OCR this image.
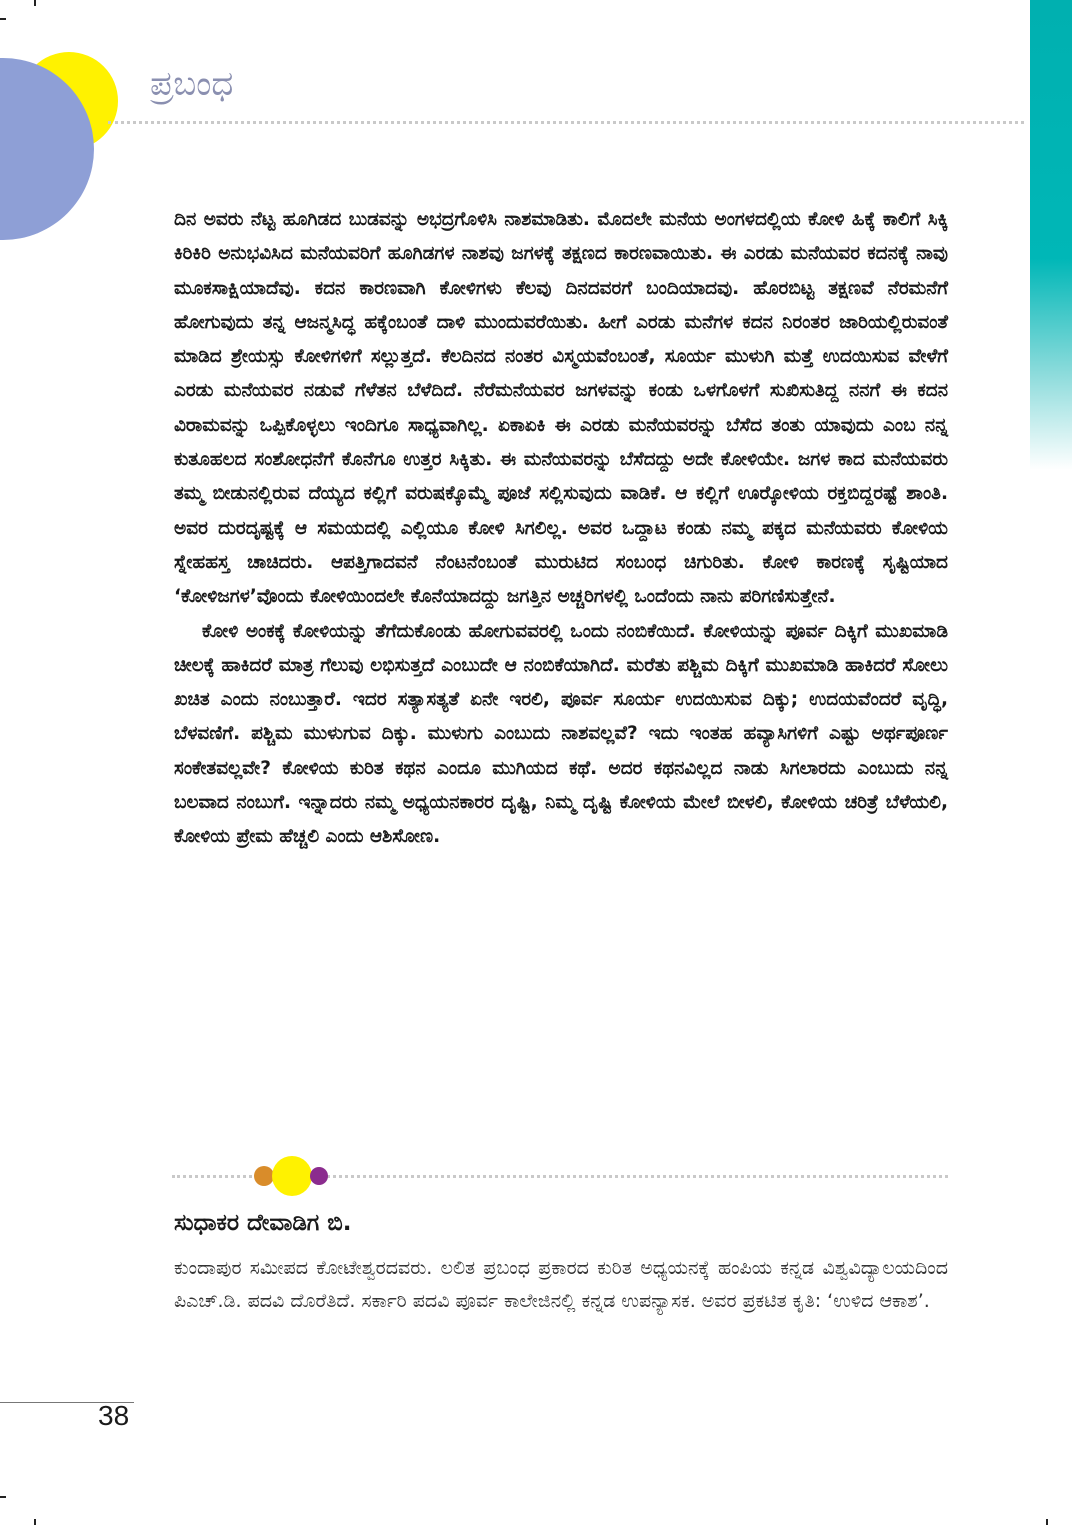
ಪ್ರಬಂಧ

ದಿನ ಅವರು ನೆಟ್ಟ ಹೂಗಿಡದ ಬುಡವನ್ನು ಅಭದ್ರಗೊಳಿಸಿ ನಾಶಮಾಡಿತು. ಮೊದಲೇ ಮನೆಯ ಅಂಗಳದಲ್ಲಿಯ ಕೋಳಿ ಹಿಕ್ಕೆ ಕಾಲಿಗೆ ಸಿಕ್ಕಿ ಕಿರಿಕಿರಿ ಅನುಭವಿಸಿದ ಮನೆಯವರಿಗೆ ಹೂಗಿಡಗಳ ನಾಶವು ಜಗಳಕ್ಕೆ ತಕ್ಷಣದ ಕಾರಣವಾಯಿತು. ಈ ಎರಡು ಮನೆಯವರ ಕದನಕ್ಕೆ ನಾವು ಮೂಕಸಾಕ್ಷಿಯಾದೆವು. ಕದನ ಕಾರಣವಾಗಿ ಕೋಳಿಗಳು ಕೆಲವು ದಿನದವರಗೆ ಬಂದಿಯಾದವು. ಹೊರಬಿಟ್ಟ ತಕ್ಷಣವೆ ನೆರಮನೆಗೆ ಹೋಗುವುದು ತನ್ನ ಆಜನ್ಮಸಿದ್ಧ ಹಕ್ಕೆಂಬಂತೆ ದಾಳಿ ಮುಂದುವರೆಯಿತು. ಹೀಗೆ ಎರಡು ಮನೆಗಳ ಕದನ ನಿರಂತರ ಜಾರಿಯಲ್ಲಿರುವಂತೆ ಮಾಡಿದ ಶ್ರೇಯಸ್ಸು ಕೋಳಿಗಳಿಗೆ ಸಲ್ಲುತ್ತದೆ. ಕೆಲದಿನದ ನಂತರ ವಿಸ್ಮಯವೆಂಬಂತೆ, ಸೂರ್ಯ ಮುಳುಗಿ ಮತ್ತೆ ಉದಯಿಸುವ ವೇಳೆಗೆ ಎರಡು ಮನೆಯವರ ನಡುವೆ ಗೆಳೆತನ ಬೆಳೆದಿದೆ. ನೆರೆಮನೆಯವರ ಜಗಳವನ್ನು ಕಂಡು ಒಳಗೊಳಗೆ ಸುಖಿಸುತಿದ್ದ ನನಗೆ ಈ ಕದನ ವಿರಾಮವನ್ನು ಒಪ್ಪಿಕೊಳ್ಳಲು ಇಂದಿಗೂ ಸಾಧ್ಯವಾಗಿಲ್ಲ. ಏಕಾಏಕಿ ಈ ಎರಡು ಮನೆಯವರನ್ನು ಬೆಸೆದ ತಂತು ಯಾವುದು ಎಂಬ ನನ್ನ ಕುತೂಹಲದ ಸಂಶೋಧನೆಗೆ ಕೊನೆಗೂ ಉತ್ತರ ಸಿಕ್ಕಿತು. ಈ ಮನೆಯವರನ್ನು ಬೆಸೆದದ್ದು ಅದೇ ಕೋಳಿಯೇ. ಜಗಳ ಕಾದ ಮನೆಯವರು ತಮ್ಮ ಬೀಡುನಲ್ಲಿರುವ ದೆಯ್ಯದ ಕಲ್ಲಿಗೆ ವರುಷಕ್ಕೊಮ್ಮೆ ಪೂಜೆ ಸಲ್ಲಿಸುವುದು ವಾಡಿಕೆ. ಆ ಕಲ್ಲಿಗೆ ಊರ್‍ಕೋಳಿಯ ರಕ್ತಬಿದ್ದರಷ್ಟೆ ಶಾಂತಿ. ಅವರ ದುರದೃಷ್ಟಕ್ಕೆ ಆ ಸಮಯದಲ್ಲಿ ಎಲ್ಲಿಯೂ ಕೋಳಿ ಸಿಗಲಿಲ್ಲ. ಅವರ ಒದ್ದಾಟ ಕಂಡು ನಮ್ಮ ಪಕ್ಕದ ಮನೆಯವರು ಕೋಳಿಯ ಸ್ನೇಹಹಸ್ತ ಚಾಚಿದರು. ಆಪತ್ತಿಗಾದವನೆ ನೆಂಟನೆಂಬಂತೆ ಮುರುಟಿದ ಸಂಬಂಧ ಚಿಗುರಿತು. ಕೋಳಿ ಕಾರಣಕ್ಕೆ ಸೃಷ್ಟಿಯಾದ ‘ಕೋಳಿಜಗಳ’ವೊಂದು ಕೋಳಿಯಿಂದಲೇ ಕೊನೆಯಾದದ್ದು ಜಗತ್ತಿನ ಅಚ್ಚರಿಗಳಲ್ಲಿ ಒಂದೆಂದು ನಾನು ಪರಿಗಣಿಸುತ್ತೇನೆ.

ಕೋಳಿ ಅಂಕಕ್ಕೆ ಕೋಳಿಯನ್ನು ತೆಗೆದುಕೊಂಡು ಹೋಗುವವರಲ್ಲಿ ಒಂದು ನಂಬಿಕೆಯಿದೆ. ಕೋಳಿಯನ್ನು ಪೂರ್ವ ದಿಕ್ಕಿಗೆ ಮುಖಮಾಡಿ ಚೀಲಕ್ಕೆ ಹಾಕಿದರೆ ಮಾತ್ರ ಗೆಲುವು ಲಭಿಸುತ್ತದೆ ಎಂಬುದೇ ಆ ನಂಬಿಕೆಯಾಗಿದೆ. ಮರೆತು ಪಶ್ಚಿಮ ದಿಕ್ಕಿಗೆ ಮುಖಮಾಡಿ ಹಾಕಿದರೆ ಸೋಲು ಖಚಿತ ಎಂದು ನಂಬುತ್ತಾರೆ. ಇದರ ಸತ್ಯಾಸತ್ಯತೆ ಏನೇ ಇರಲಿ, ಪೂರ್ವ ಸೂರ್ಯ ಉದಯಿಸುವ ದಿಕ್ಕು; ಉದಯವೆಂದರೆ ವೃದ್ಧಿ, ಬೆಳವಣಿಗೆ. ಪಶ್ಚಿಮ ಮುಳುಗುವ ದಿಕ್ಕು. ಮುಳುಗು ಎಂಬುದು ನಾಶವಲ್ಲವೆ? ಇದು ಇಂತಹ ಹವ್ಯಾಸಿಗಳಿಗೆ ಎಷ್ಟು ಅರ್ಥಪೂರ್ಣ ಸಂಕೇತವಲ್ಲವೇ? ಕೋಳಿಯ ಕುರಿತ ಕಥನ ಎಂದೂ ಮುಗಿಯದ ಕಥೆ. ಅದರ ಕಥನವಿಲ್ಲದ ನಾಡು ಸಿಗಲಾರದು ಎಂಬುದು ನನ್ನ ಬಲವಾದ ನಂಬುಗೆ. ಇನ್ನಾದರು ನಮ್ಮ ಅಧ್ಯಯನಕಾರರ ದೃಷ್ಟಿ, ನಿಮ್ಮ ದೃಷ್ಟಿ ಕೋಳಿಯ ಮೇಲೆ ಬೀಳಲಿ, ಕೋಳಿಯ ಚರಿತ್ರೆ ಬೆಳೆಯಲಿ, ಕೋಳಿಯ ಪ್ರೇಮ ಹೆಚ್ಚಲಿ ಎಂದು ಆಶಿಸೋಣ.

ಸುಧಾಕರ ದೇವಾಡಿಗ ಬಿ.
ಕುಂದಾಪುರ ಸಮೀಪದ ಕೋಟೇಶ್ವರದವರು. ಲಲಿತ ಪ್ರಬಂಧ ಪ್ರಕಾರದ ಕುರಿತ ಅಧ್ಯಯನಕ್ಕೆ ಹಂಪಿಯ ಕನ್ನಡ ವಿಶ್ವವಿದ್ಯಾಲಯದಿಂದ ಪಿಎಚ್.ಡಿ. ಪದವಿ ದೊರೆತಿದೆ. ಸರ್ಕಾರಿ ಪದವಿ ಪೂರ್ವ ಕಾಲೇಜಿನಲ್ಲಿ ಕನ್ನಡ ಉಪನ್ಯಾಸಕ. ಅವರ ಪ್ರಕಟಿತ ಕೃತಿ: ‘ಉಳಿದ ಆಕಾಶ’.
38
